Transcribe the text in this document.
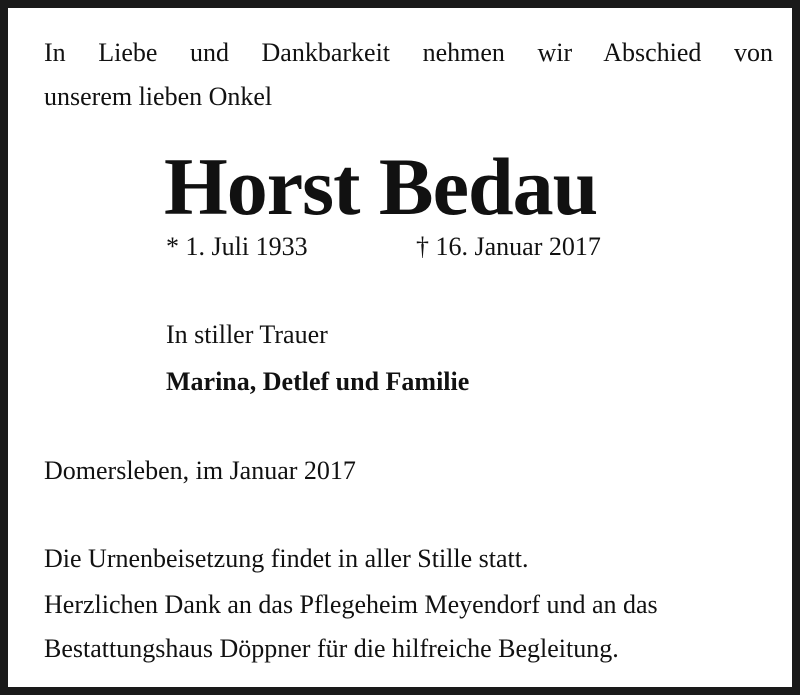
In Liebe und Dankbarkeit nehmen wir Abschied von
unserem lieben Onkel
Horst Bedau
* 1. Juli 1933	† 16. Januar 2017
In stiller Trauer
Marina, Detlef und Familie
Domersleben, im Januar 2017
Die Urnenbeisetzung findet in aller Stille statt.
Herzlichen Dank an das Pflegeheim Meyendorf und an das
Bestattungshaus Döppner für die hilfreiche Begleitung.
